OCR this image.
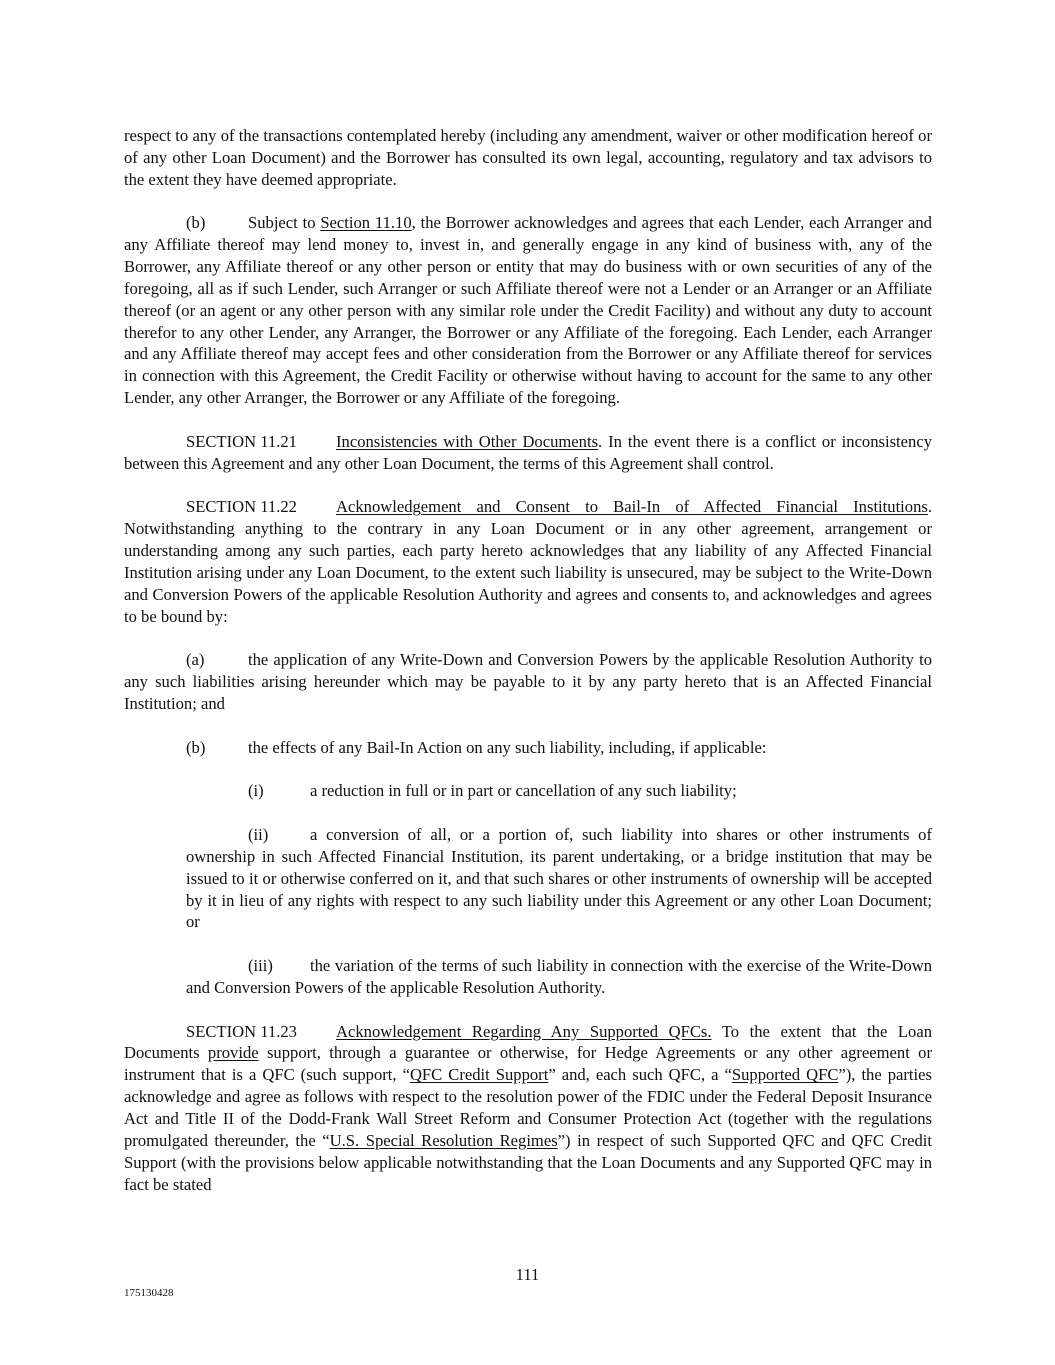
respect to any of the transactions contemplated hereby (including any amendment, waiver or other modification hereof or of any other Loan Document) and the Borrower has consulted its own legal, accounting, regulatory and tax advisors to the extent they have deemed appropriate.

(b)	Subject to Section 11.10, the Borrower acknowledges and agrees that each Lender, each Arranger and any Affiliate thereof may lend money to, invest in, and generally engage in any kind of business with, any of the Borrower, any Affiliate thereof or any other person or entity that may do business with or own securities of any of the foregoing, all as if such Lender, such Arranger or such Affiliate thereof were not a Lender or an Arranger or an Affiliate thereof (or an agent or any other person with any similar role under the Credit Facility) and without any duty to account therefor to any other Lender, any Arranger, the Borrower or any Affiliate of the foregoing. Each Lender, each Arranger and any Affiliate thereof may accept fees and other consideration from the Borrower or any Affiliate thereof for services in connection with this Agreement, the Credit Facility or otherwise without having to account for the same to any other Lender, any other Arranger, the Borrower or any Affiliate of the foregoing.

SECTION 11.21 Inconsistencies with Other Documents. In the event there is a conflict or inconsistency between this Agreement and any other Loan Document, the terms of this Agreement shall control.

SECTION 11.22 Acknowledgement and Consent to Bail-In of Affected Financial Institutions. Notwithstanding anything to the contrary in any Loan Document or in any other agreement, arrangement or understanding among any such parties, each party hereto acknowledges that any liability of any Affected Financial Institution arising under any Loan Document, to the extent such liability is unsecured, may be subject to the Write-Down and Conversion Powers of the applicable Resolution Authority and agrees and consents to, and acknowledges and agrees to be bound by:

(a)	the application of any Write-Down and Conversion Powers by the applicable Resolution Authority to any such liabilities arising hereunder which may be payable to it by any party hereto that is an Affected Financial Institution; and

(b)	the effects of any Bail-In Action on any such liability, including, if applicable:

(i)	a reduction in full or in part or cancellation of any such liability;

(ii)	a conversion of all, or a portion of, such liability into shares or other instruments of ownership in such Affected Financial Institution, its parent undertaking, or a bridge institution that may be issued to it or otherwise conferred on it, and that such shares or other instruments of ownership will be accepted by it in lieu of any rights with respect to any such liability under this Agreement or any other Loan Document; or

(iii) the variation of the terms of such liability in connection with the exercise of the Write-Down and Conversion Powers of the applicable Resolution Authority.

SECTION 11.23 Acknowledgement Regarding Any Supported QFCs. To the extent that the Loan Documents provide support, through a guarantee or otherwise, for Hedge Agreements or any other agreement or instrument that is a QFC (such support, “QFC Credit Support” and, each such QFC, a “Supported QFC”), the parties acknowledge and agree as follows with respect to the resolution power of the FDIC under the Federal Deposit Insurance Act and Title II of the Dodd-Frank Wall Street Reform and Consumer Protection Act (together with the regulations promulgated thereunder, the “U.S. Special Resolution Regimes”) in respect of such Supported QFC and QFC Credit Support (with the provisions below applicable notwithstanding that the Loan Documents and any Supported QFC may in fact be stated

111
175130428
